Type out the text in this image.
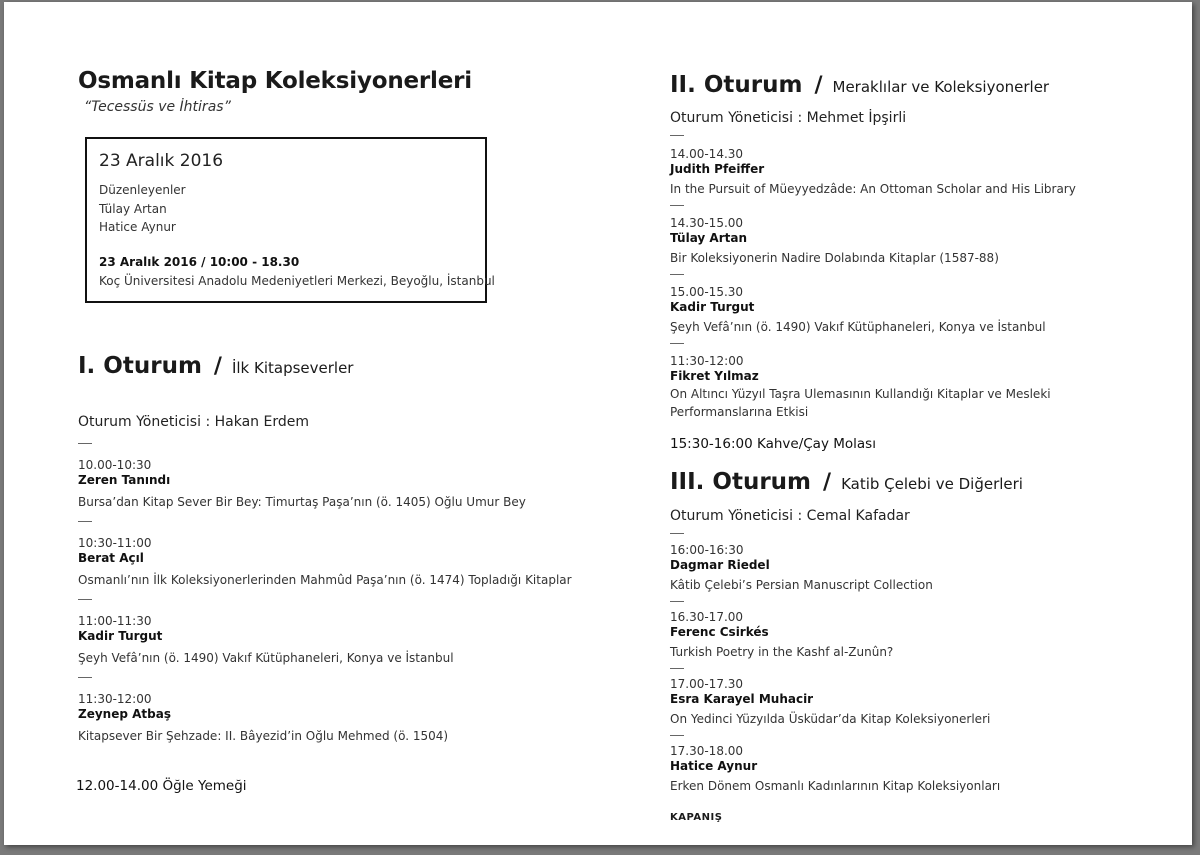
Osmanlı Kitap Koleksiyonerleri
“Tecessüs ve İhtiras”
23 Aralık 2016
Düzenleyenler
Tülay Artan
Hatice Aynur
23 Aralık 2016 / 10:00 - 18.30
Koç Üniversitesi Anadolu Medeniyetleri Merkezi, Beyoğlu, İstanbul
I. Oturum / İlk Kitapseverler
Oturum Yöneticisi : Hakan Erdem
10.00-10:30
Zeren Tanındı
Bursa’dan Kitap Sever Bir Bey: Timurtaş Paşa’nın (ö. 1405) Oğlu Umur Bey
10:30-11:00
Berat Açıl
Osmanlı’nın İlk Koleksiyonerlerinden Mahmûd Paşa’nın (ö. 1474) Topladığı Kitaplar
11:00-11:30
Kadir Turgut
Şeyh Vefâ’nın (ö. 1490) Vakıf Kütüphaneleri, Konya ve İstanbul
11:30-12:00
Zeynep Atbaş
Kitapsever Bir Şehzade: II. Bâyezid’in Oğlu Mehmed (ö. 1504)
12.00-14.00 Öğle Yemeği
II. Oturum / Meraklılar ve Koleksiyonerler
Oturum Yöneticisi : Mehmet İpşirli
14.00-14.30
Judith Pfeiffer
In the Pursuit of Müeyyedzâde: An Ottoman Scholar and His Library
14.30-15.00
Tülay Artan
Bir Koleksiyonerin Nadire Dolabında Kitaplar (1587-88)
15.00-15.30
Kadir Turgut
Şeyh Vefâ’nın (ö. 1490) Vakıf Kütüphaneleri, Konya ve İstanbul
11:30-12:00
Fikret Yılmaz
On Altıncı Yüzyıl Taşra Ulemasının Kullandığı Kitaplar ve Mesleki Performanslarına Etkisi
15:30-16:00 Kahve/Çay Molası
III. Oturum / Katib Çelebi ve Diğerleri
Oturum Yöneticisi : Cemal Kafadar
16:00-16:30
Dagmar Riedel
Kâtib Çelebi’s Persian Manuscript Collection
16.30-17.00
Ferenc Csirkés
Turkish Poetry in the Kashf al-Zunûn?
17.00-17.30
Esra Karayel Muhacir
On Yedinci Yüzyılda Üsküdar’da Kitap Koleksiyonerleri
17.30-18.00
Hatice Aynur
Erken Dönem Osmanlı Kadınlarının Kitap Koleksiyonları
KAPANIŞ
